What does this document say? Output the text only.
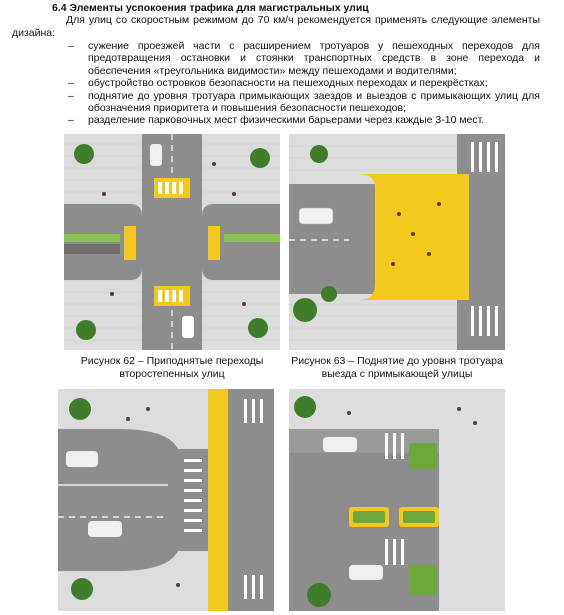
6.4 Элементы успокоения трафика для магистральных улиц
Для улиц со скоростным режимом до 70 км/ч рекомендуется применять следующие элементы дизайна:
– сужение проезжей части с расширением тротуаров у пешеходных переходов для предотвращения остановки и стоянки транспортных средств в зоне перехода и обеспечения «треугольника видимости» между пешеходами и водителями;
– обустройство островков безопасности на пешеходных переходах и перекрёстках;
– поднятие до уровня тротуара примыкающих заездов и выездов с примыкающих улиц для обозначения приоритета и повышения безопасности пешеходов;
– разделение парковочных мест физическими барьерами через каждые 3-10 мест.
Рисунок 62 – Приподнятые переходы
второстепенных улиц
Рисунок 63 – Поднятие до уровня тротуара
выезда с примыкающей улицы
